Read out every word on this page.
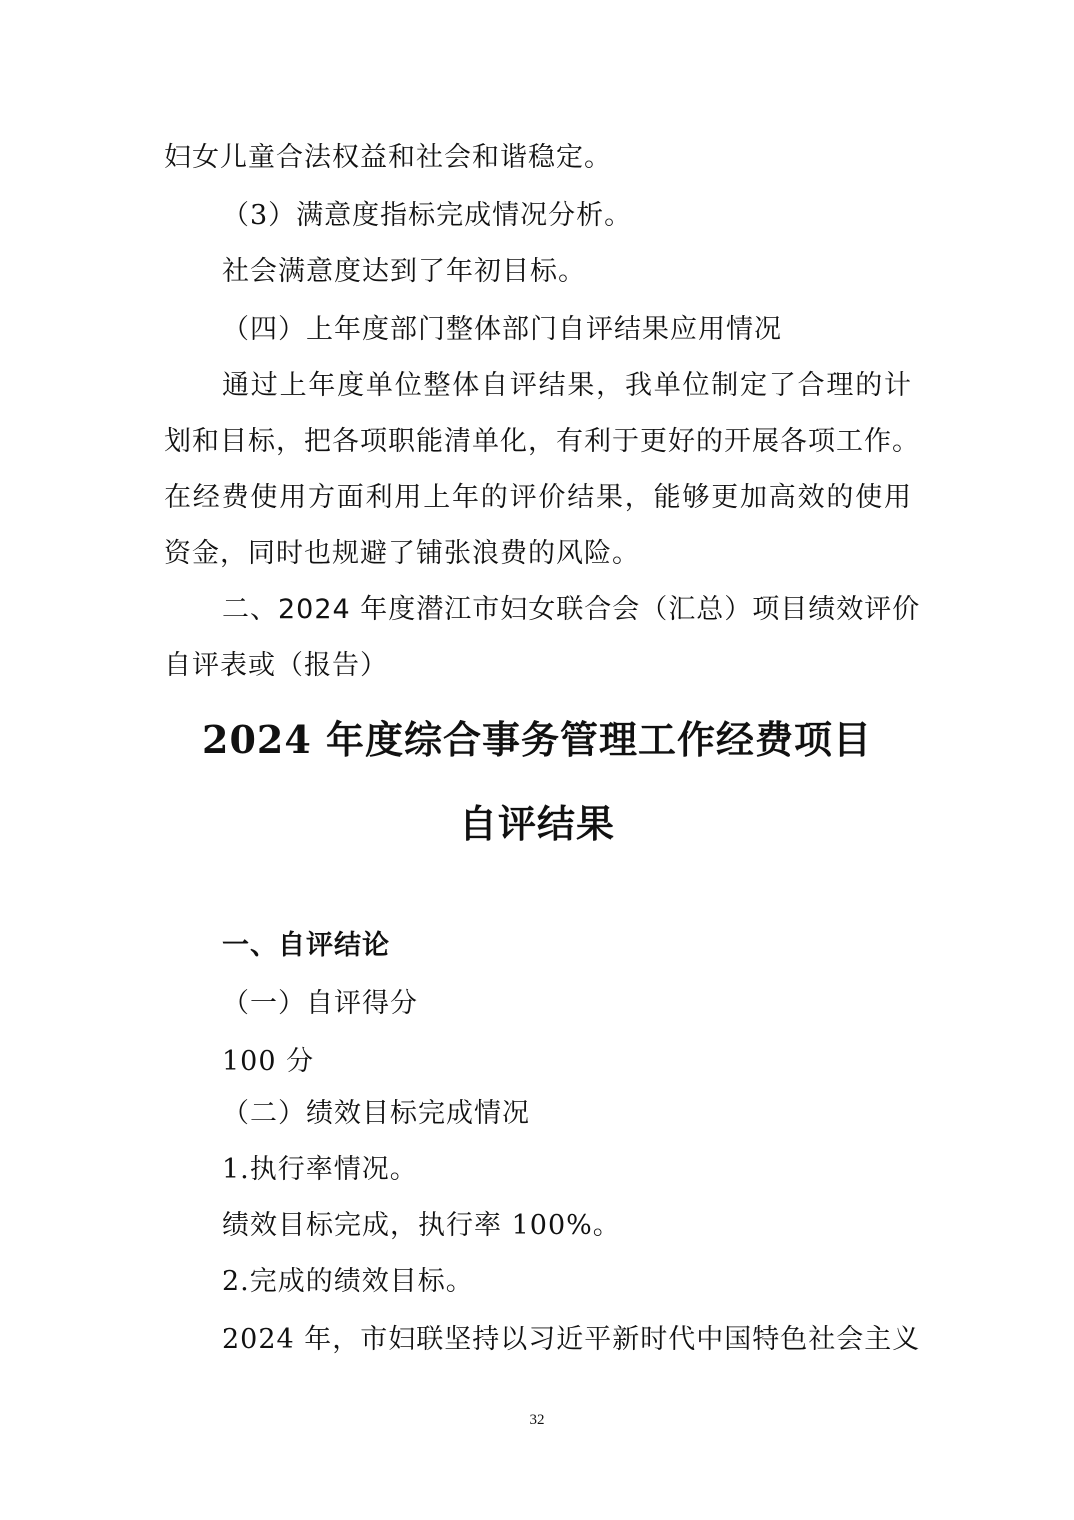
妇女儿童合法权益和社会和谐稳定。
（3）满意度指标完成情况分析。
社会满意度达到了年初目标。
（四）上年度部门整体部门自评结果应用情况
通过上年度单位整体自评结果，我单位制定了合理的计
划和目标，把各项职能清单化，有利于更好的开展各项工作。
在经费使用方面利用上年的评价结果，能够更加高效的使用
资金，同时也规避了铺张浪费的风险。
二、2024 年度潜江市妇女联合会（汇总）项目绩效评价
自评表或（报告）
2024 年度综合事务管理工作经费项目
自评结果
一、自评结论
（一）自评得分
100 分
（二）绩效目标完成情况
1.执行率情况。
绩效目标完成，执行率 100%。
2.完成的绩效目标。
2024 年，市妇联坚持以习近平新时代中国特色社会主义
32
